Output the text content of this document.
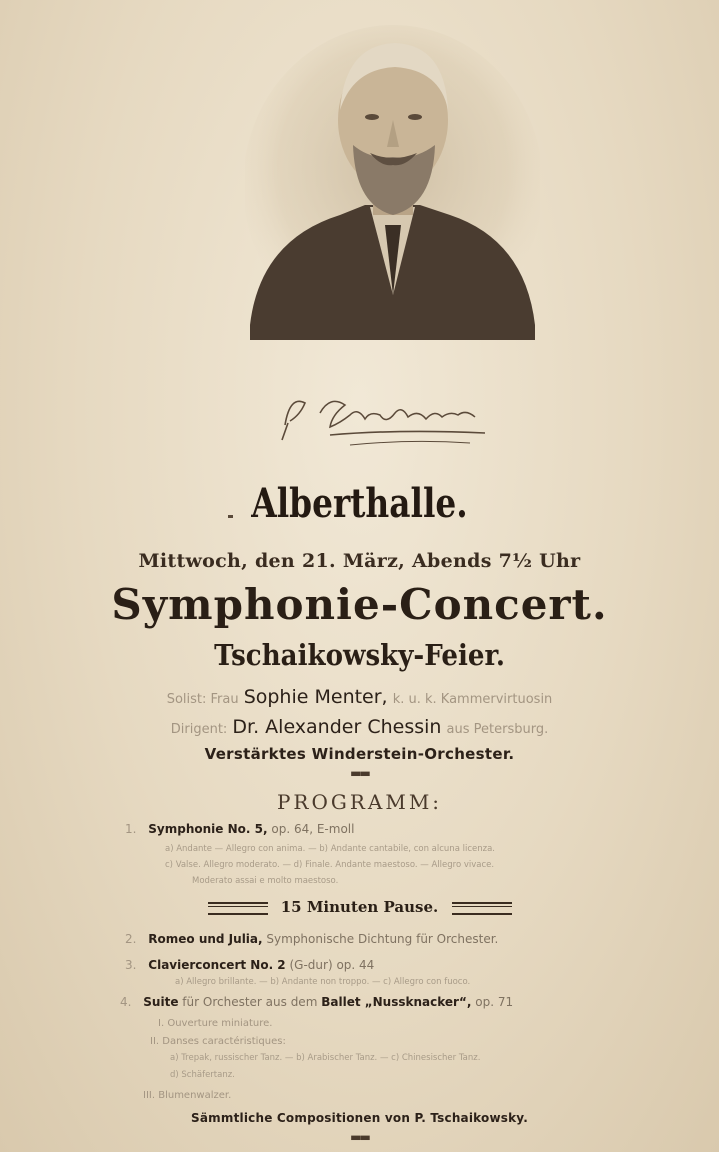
Alberthalle.
Mittwoch, den 21. März, Abends 7½ Uhr
Symphonie-Concert.
Tschaikowsky-Feier.
Solist: Frau Sophie Menter, k. u. k. Kammervirtuosin
Dirigent: Dr. Alexander Chessin aus Petersburg.
Verstärktes Winderstein-Orchester.
▬▬
PROGRAMM:
1. Symphonie No. 5, op. 64, E-moll
a) Andante — Allegro con anima. — b) Andante cantabile, con alcuna licenza.
c) Valse. Allegro moderato. — d) Finale. Andante maestoso. — Allegro vivace.
Moderato assai e molto maestoso.
15 Minuten Pause.
2. Romeo und Julia, Symphonische Dichtung für Orchester.
3. Clavierconcert No. 2 (G-dur) op. 44
a) Allegro brillante. — b) Andante non troppo. — c) Allegro con fuoco.
4. Suite für Orchester aus dem Ballet „Nussknacker“, op. 71
I. Ouverture miniature.
II. Danses caractéristiques:
a) Trepak, russischer Tanz. — b) Arabischer Tanz. — c) Chinesischer Tanz.
d) Schäfertanz.
III. Blumenwalzer.
Sämmtliche Compositionen von P. Tschaikowsky.
▬▬
